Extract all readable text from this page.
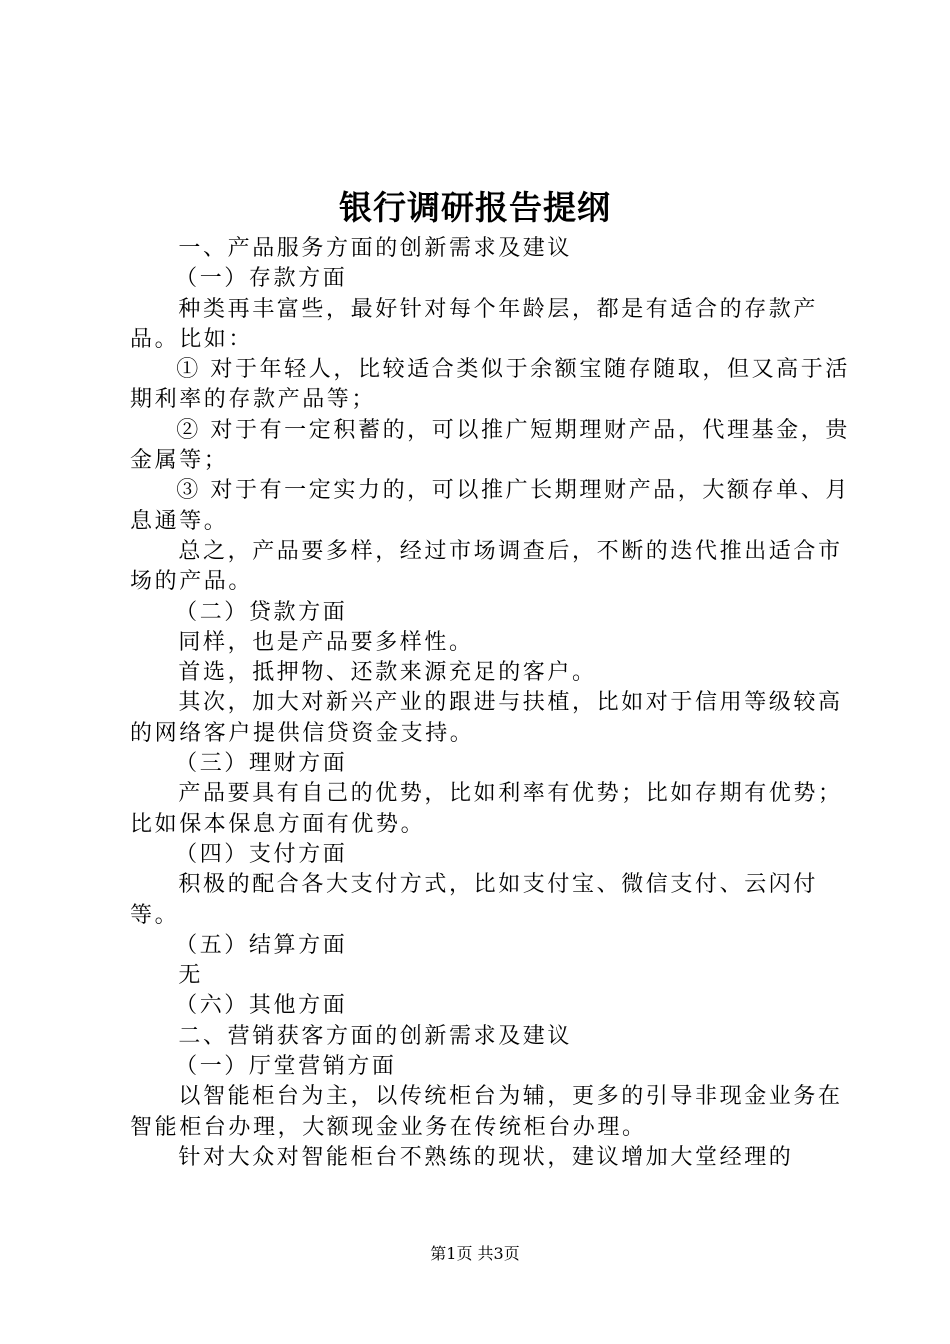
银行调研报告提纲

一、产品服务方面的创新需求及建议

（一）存款方面

种类再丰富些，最好针对每个年龄层，都是有适合的存款产品。比如：

① 对于年轻人，比较适合类似于余额宝随存随取，但又高于活期利率的存款产品等；

② 对于有一定积蓄的，可以推广短期理财产品，代理基金，贵金属等；

③ 对于有一定实力的，可以推广长期理财产品，大额存单、月息通等。

总之，产品要多样，经过市场调查后，不断的迭代推出适合市场的产品。

（二）贷款方面

同样，也是产品要多样性。

首选，抵押物、还款来源充足的客户。

其次，加大对新兴产业的跟进与扶植，比如对于信用等级较高的网络客户提供信贷资金支持。

（三）理财方面

产品要具有自己的优势，比如利率有优势；比如存期有优势；比如保本保息方面有优势。

（四）支付方面

积极的配合各大支付方式，比如支付宝、微信支付、云闪付等。

（五）结算方面

无

（六）其他方面

二、营销获客方面的创新需求及建议

（一）厅堂营销方面

以智能柜台为主，以传统柜台为辅，更多的引导非现金业务在智能柜台办理，大额现金业务在传统柜台办理。

针对大众对智能柜台不熟练的现状，建议增加大堂经理的

第1页 共3页
